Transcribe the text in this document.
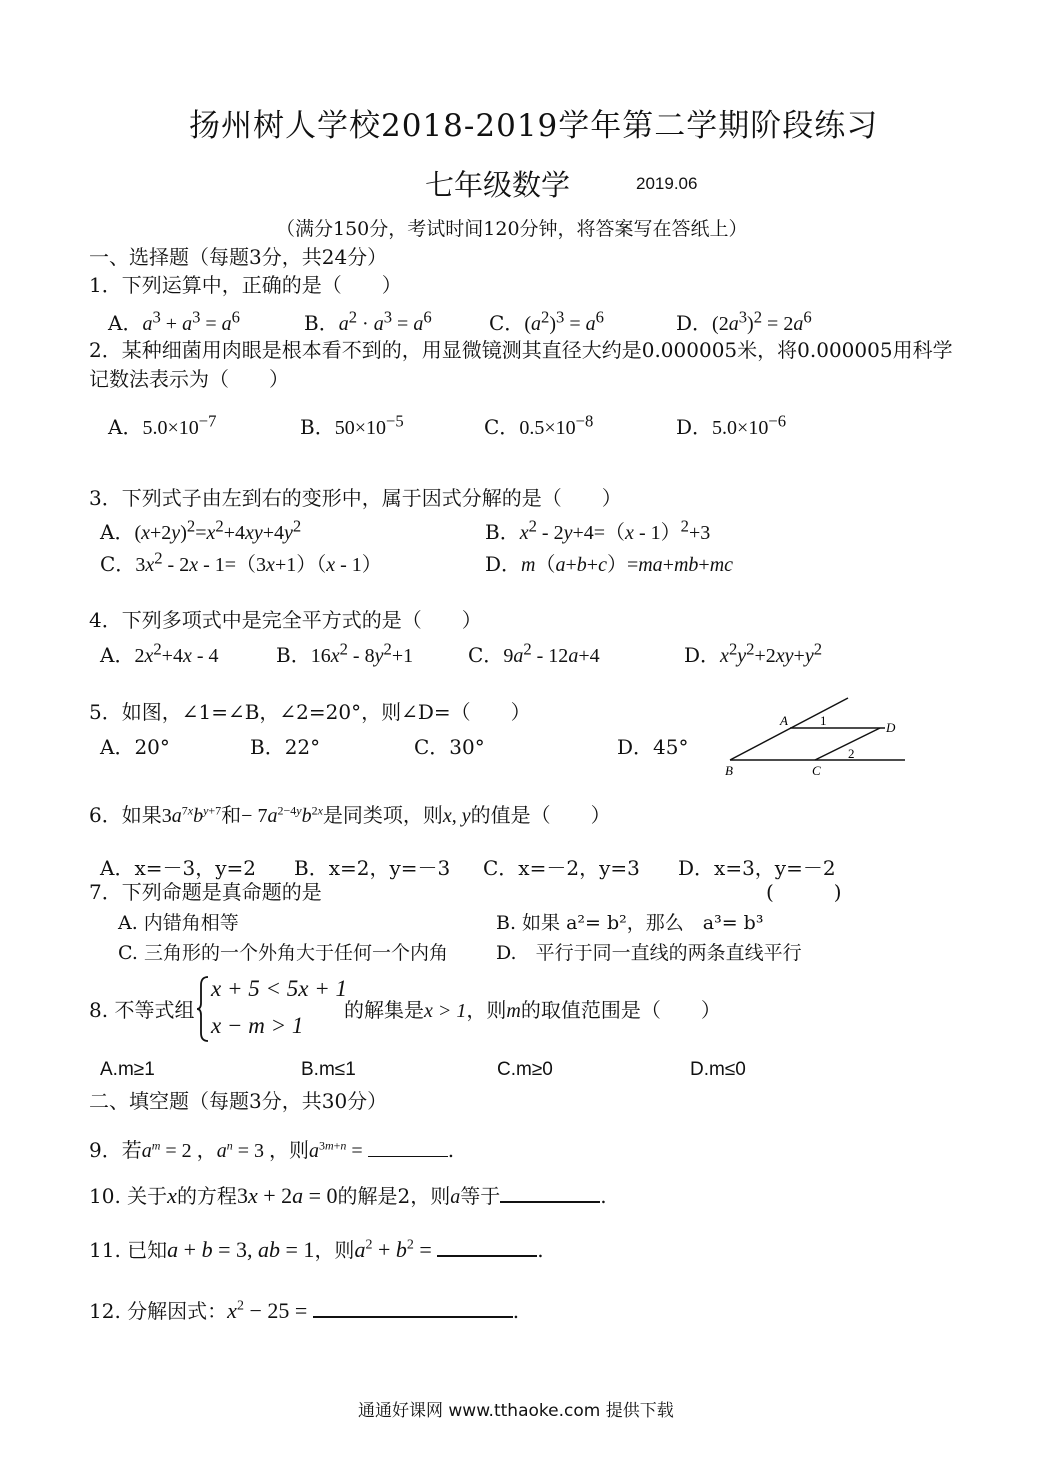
扬州树人学校2018-2019学年第二学期阶段练习
七年级数学	2019.06
（满分150分，考试时间120分钟，将答案写在答纸上）
一、选择题（每题3分，共24分）
1．下列运算中，正确的是（　　）
A．$a^3 + a^3 = a^6$	B．$a^2 \cdot a^3 = a^6$	C．$(a^2)^3 = a^6$	D．$(2a^3)^2 = 2a^6$
2．某种细菌用肉眼是根本看不到的，用显微镜测其直径大约是0.000005米，将0.000005用科学
记数法表示为（　　）
A．$5.0\times 10^{-7}$	B．$50\times 10^{-5}$	C．$0.5\times 10^{-8}$	D．$5.0\times 10^{-6}$
3．下列式子由左到右的变形中，属于因式分解的是（　　）
A．$(x+2y)^2=x^2+4xy+4y^2$	B．$x^2 - 2y+4=(x - 1)^2+3$
C．$3x^2 - 2x - 1=(3x+1)(x - 1)$	D．m（a+b+c）=ma+mb+mc
4．下列多项式中是完全平方式的是（　　）
A．$2x^2+4x - 4$	B．$16x^2 - 8y^2+1$	C．$9a^2 - 12a+4$	D．$x^2y^2+2xy+y^2$
5．如图，∠1=∠B，∠2=20°，则∠D=（　　）
A．20°	B．22°	C．30°	D．45°
A 1	D
2
B	C
6．如果$3a^{7x}b^{y+7}$和− $7a^{2-4y}b^{2x}$是同类项，则x, y的值是（　　）
A．x=－3，y=2 B．x=2，y=－3 C．x=－2，y=3 D．x=3，y=－2
7．下列命题是真命题的是	(　　　)
A. 内错角相等	B. 如果 a²= b²，那么　a³= b³
C. 三角形的一个外角大于任何一个内角	D.　平行于同一直线的两条直线平行
8. 不等式组
x + 5 < 5x + 1
x − m > 1
的解集是x > 1，则m的取值范围是（　　）
A.m≥1	B.m≤1	C.m≥0	D.m≤0
二、填空题（每题3分，共30分）
9．若$a^m = 2$ ，$a^n = 3$ ，则$a^{3m+n}$ =	.
10. 关于x的方程3x + 2a = 0的解是2，则a等于	.
11. 已知a + b = 3, ab = 1，则$a^2 + b^2$ =	.
12. 分解因式：$x^2 - 25$ =	.
通通好课网 www.tthaoke.com 提供下载
